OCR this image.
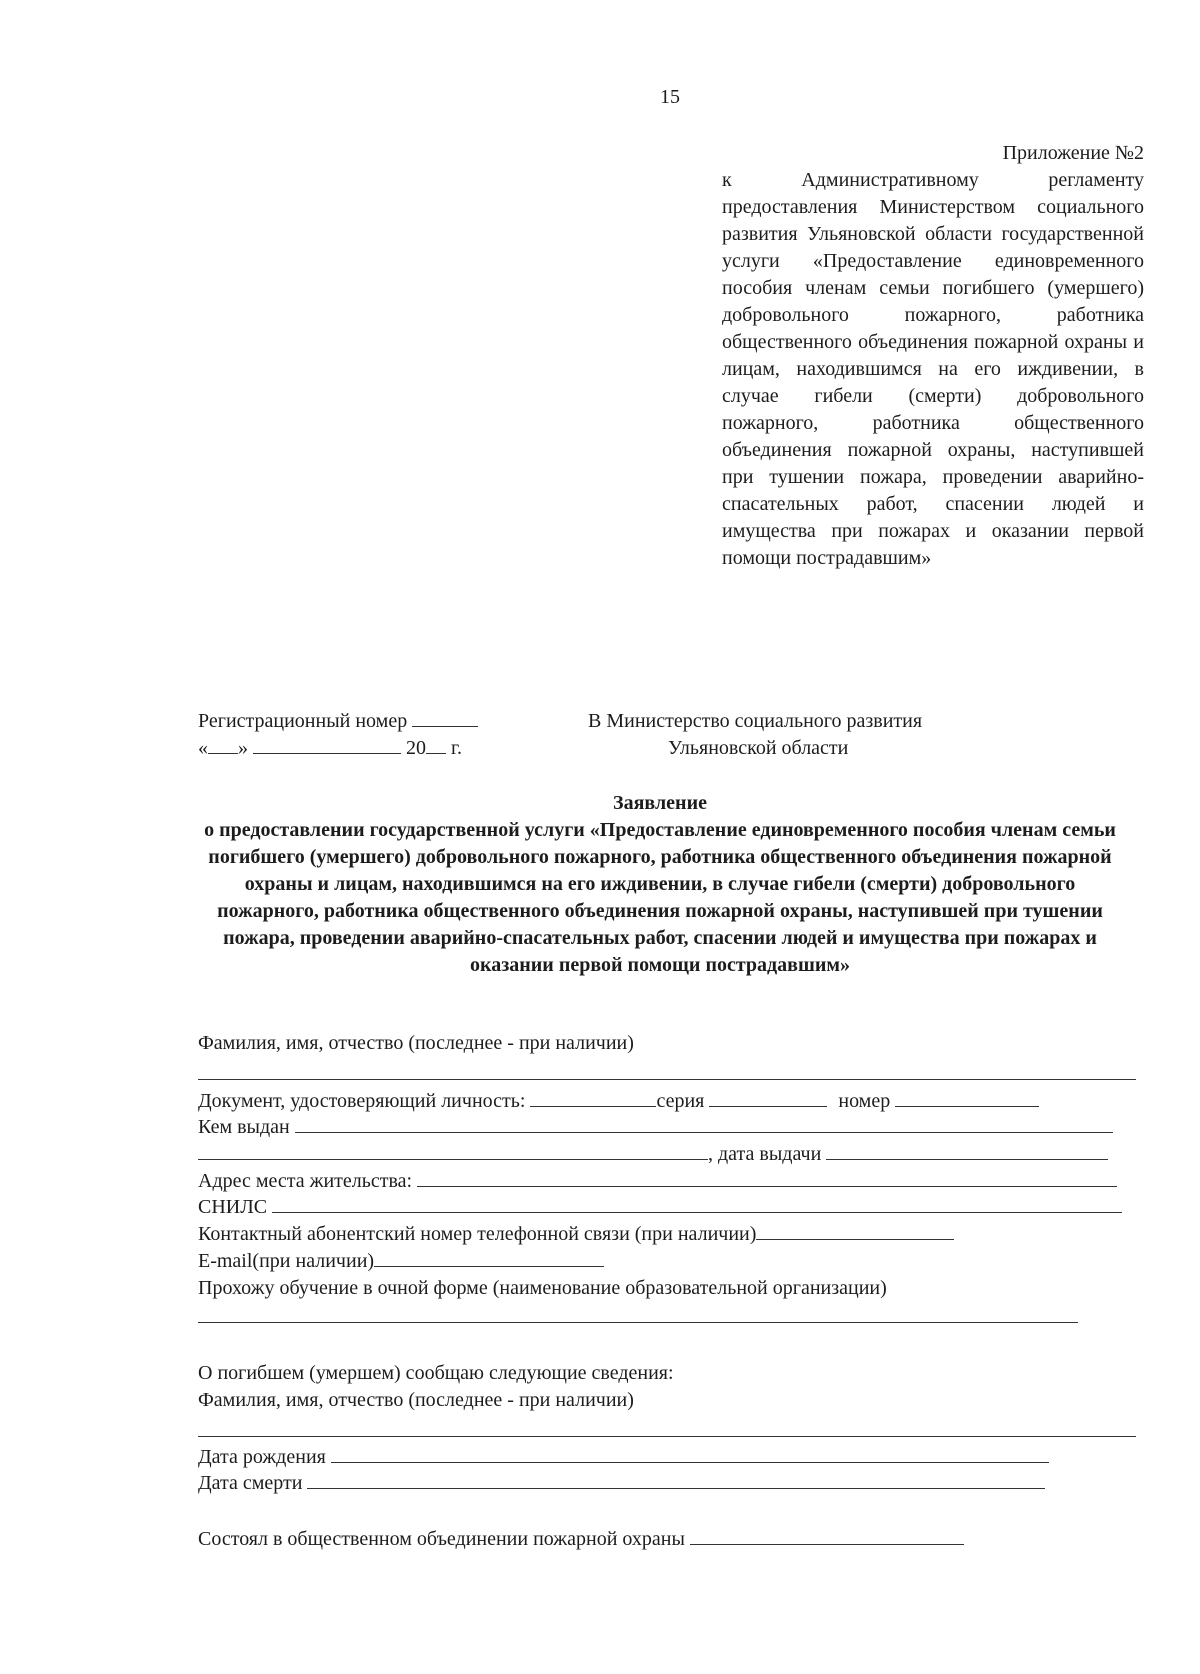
15
Приложение №2
к Административному регламенту предоставления Министерством социального развития Ульяновской области государственной услуги «Предоставление единовременного пособия членам семьи погибшего (умершего) добровольного пожарного, работника общественного объединения пожарной охраны и лицам, находившимся на его иждивении, в случае гибели (смерти) добровольного пожарного, работника общественного объединения пожарной охраны, наступившей при тушении пожара, проведении аварийно-спасательных работ, спасении людей и имущества при пожарах и оказании первой помощи пострадавшим»
Регистрационный номер
« »	20 г.
В Министерство социального развития
Ульяновской области
Заявление
о предоставлении государственной услуги «Предоставление единовременного пособия членам семьи погибшего (умершего) добровольного пожарного, работника общественного объединения пожарной охраны и лицам, находившимся на его иждивении, в случае гибели (смерти) добровольного пожарного, работника общественного объединения пожарной охраны, наступившей при тушении пожара, проведении аварийно-спасательных работ, спасении людей и имущества при пожарах и оказании первой помощи пострадавшим»
Фамилия, имя, отчество (последнее - при наличии)
Документ, удостоверяющий личность:	серия	номер
Кем выдан
, дата выдачи
Адрес места жительства:
СНИЛС
Контактный абонентский номер телефонной связи (при наличии)
E-mail(при наличии)
Прохожу обучение в очной форме (наименование образовательной организации)
О погибшем (умершем) сообщаю следующие сведения:
Фамилия, имя, отчество (последнее - при наличии)
Дата рождения
Дата смерти
Состоял в общественном объединении пожарной охраны
